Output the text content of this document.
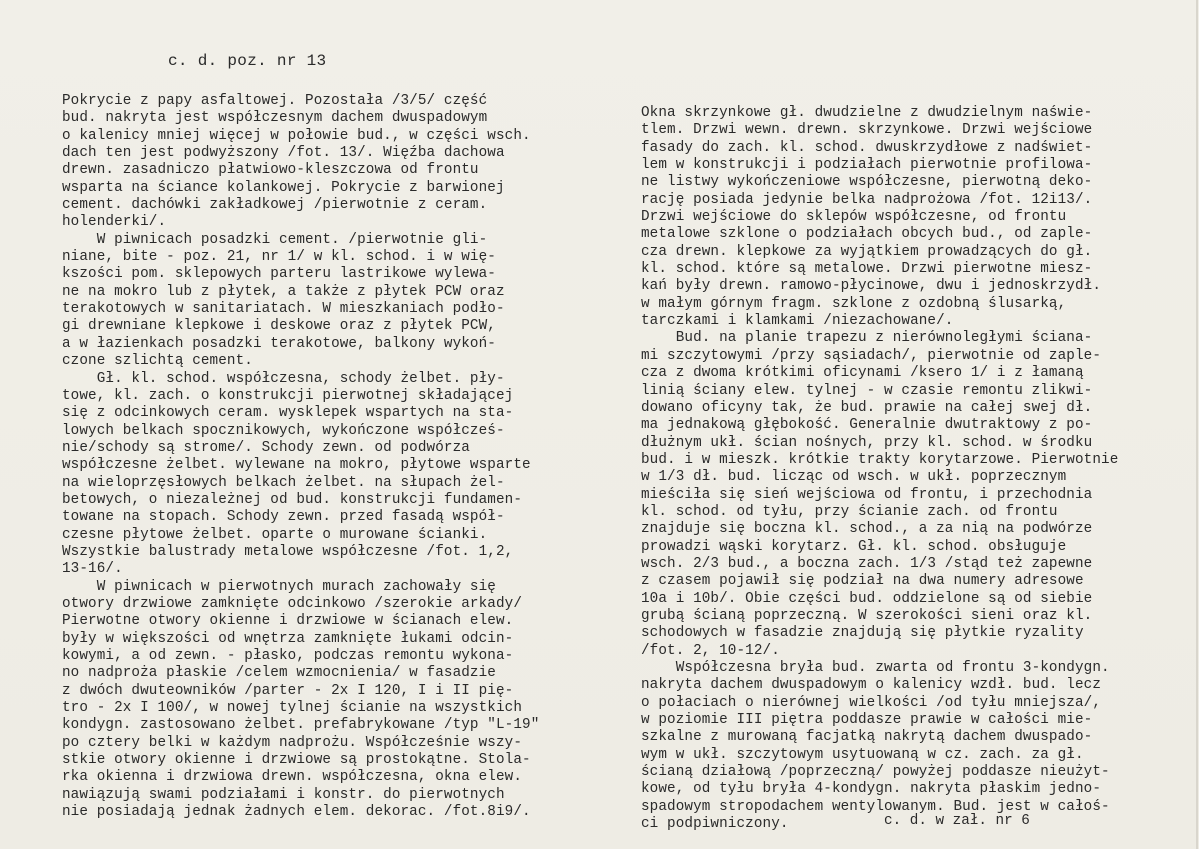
c. d. poz. nr 13
Pokrycie z papy asfaltowej. Pozostała /3/5/ część
bud. nakryta jest współczesnym dachem dwuspadowym
o kalenicy mniej więcej w połowie bud., w części wsch.
dach ten jest podwyższony /fot. 13/. Więźba dachowa
drewn. zasadniczo płatwiowo-kleszczowa od frontu
wsparta na ściance kolankowej. Pokrycie z barwionej
cement. dachówki zakładkowej /pierwotnie z ceram.
holenderki/.
W piwnicach posadzki cement. /pierwotnie gli-
niane, bite - poz. 21, nr 1/ w kl. schod. i w wię-
kszości pom. sklepowych parteru lastrikowe wylewa-
ne na mokro lub z płytek, a także z płytek PCW oraz
terakotowych w sanitariatach. W mieszkaniach podło-
gi drewniane klepkowe i deskowe oraz z płytek PCW,
a w łazienkach posadzki terakotowe, balkony wykoń-
czone szlichtą cement.
Gł. kl. schod. współczesna, schody żelbet. pły-
towe, kl. zach. o konstrukcji pierwotnej składającej
się z odcinkowych ceram. wysklepek wspartych na sta-
lowych belkach spocznikowych, wykończone współcześ-
nie/schody są strome/. Schody zewn. od podwórza
współczesne żelbet. wylewane na mokro, płytowe wsparte
na wieloprzęsłowych belkach żelbet. na słupach żel-
betowych, o niezależnej od bud. konstrukcji fundamen-
towane na stopach. Schody zewn. przed fasadą współ-
czesne płytowe żelbet. oparte o murowane ścianki.
Wszystkie balustrady metalowe współczesne /fot. 1,2,
13-16/.
W piwnicach w pierwotnych murach zachowały się
otwory drzwiowe zamknięte odcinkowo /szerokie arkady/
Pierwotne otwory okienne i drzwiowe w ścianach elew.
były w większości od wnętrza zamknięte łukami odcin-
kowymi, a od zewn. - płasko, podczas remontu wykona-
no nadproża płaskie /celem wzmocnienia/ w fasadzie
z dwóch dwuteowników /parter - 2x I 120, I i II pię-
tro - 2x I 100/, w nowej tylnej ścianie na wszystkich
kondygn. zastosowano żelbet. prefabrykowane /typ "L-19"
po cztery belki w każdym nadprożu. Współcześnie wszy-
stkie otwory okienne i drzwiowe są prostokątne. Stola-
rka okienna i drzwiowa drewn. współczesna, okna elew.
nawiązują swami podziałami i konstr. do pierwotnych
nie posiadają jednak żadnych elem. dekorac. /fot.8i9/.
Okna skrzynkowe gł. dwudzielne z dwudzielnym naświe-
tlem. Drzwi wewn. drewn. skrzynkowe. Drzwi wejściowe
fasady do zach. kl. schod. dwuskrzydłowe z nadświet-
lem w konstrukcji i podziałach pierwotnie profilowa-
ne listwy wykończeniowe współczesne, pierwotną deko-
rację posiada jedynie belka nadprożowa /fot. 12i13/.
Drzwi wejściowe do sklepów współczesne, od frontu
metalowe szklone o podziałach obcych bud., od zaple-
cza drewn. klepkowe za wyjątkiem prowadzących do gł.
kl. schod. które są metalowe. Drzwi pierwotne miesz-
kań były drewn. ramowo-płycinowe, dwu i jednoskrzydł.
w małym górnym fragm. szklone z ozdobną ślusarką,
tarczkami i klamkami /niezachowane/.
Bud. na planie trapezu z nierównoległymi ściana-
mi szczytowymi /przy sąsiadach/, pierwotnie od zaple-
cza z dwoma krótkimi oficynami /ksero 1/ i z łamaną
linią ściany elew. tylnej - w czasie remontu zlikwi-
dowano oficyny tak, że bud. prawie na całej swej dł.
ma jednakową głębokość. Generalnie dwutraktowy z po-
dłużnym ukł. ścian nośnych, przy kl. schod. w środku
bud. i w mieszk. krótkie trakty korytarzowe. Pierwotnie
w 1/3 dł. bud. licząc od wsch. w ukł. poprzecznym
mieściła się sień wejściowa od frontu, i przechodnia
kl. schod. od tyłu, przy ścianie zach. od frontu
znajduje się boczna kl. schod., a za nią na podwórze
prowadzi wąski korytarz. Gł. kl. schod. obsługuje
wsch. 2/3 bud., a boczna zach. 1/3 /stąd też zapewne
z czasem pojawił się podział na dwa numery adresowe
10a i 10b/. Obie części bud. oddzielone są od siebie
grubą ścianą poprzeczną. W szerokości sieni oraz kl.
schodowych w fasadzie znajdują się płytkie ryzality
/fot. 2, 10-12/.
Współczesna bryła bud. zwarta od frontu 3-kondygn.
nakryta dachem dwuspadowym o kalenicy wzdł. bud. lecz
o połaciach o nierównej wielkości /od tyłu mniejsza/,
w poziomie III piętra poddasze prawie w całości mie-
szkalne z murowaną facjatką nakrytą dachem dwuspado-
wym w ukł. szczytowym usytuowaną w cz. zach. za gł.
ścianą działową /poprzeczną/ powyżej poddasze nieużyt-
kowe, od tyłu bryła 4-kondygn. nakryta płaskim jedno-
spadowym stropodachem wentylowanym. Bud. jest w całoś-
ci podpiwniczony.	c. d. w zał. nr 6
